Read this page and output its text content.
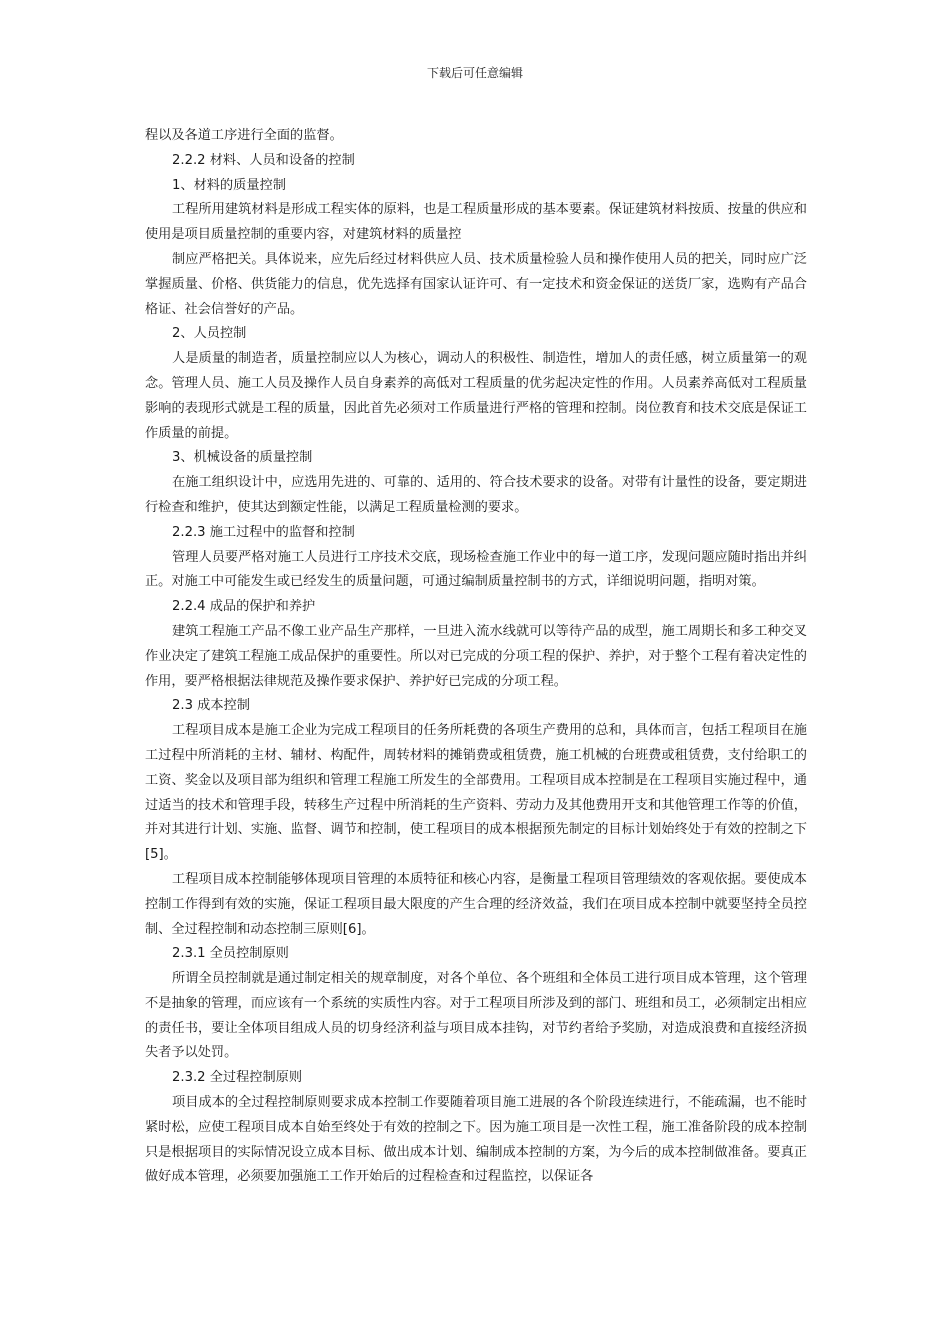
下载后可任意编辑

程以及各道工序进行全面的监督。

2.2.2 材料、人员和设备的控制

1、材料的质量控制

工程所用建筑材料是形成工程实体的原料，也是工程质量形成的基本要素。保证建筑材料按质、按量的供应和使用是项目质量控制的重要内容，对建筑材料的质量控

制应严格把关。具体说来，应先后经过材料供应人员、技术质量检验人员和操作使用人员的把关，同时应广泛掌握质量、价格、供货能力的信息，优先选择有国家认证许可、有一定技术和资金保证的送货厂家，选购有产品合格证、社会信誉好的产品。

2、人员控制

人是质量的制造者，质量控制应以人为核心，调动人的积极性、制造性，增加人的责任感，树立质量第一的观念。管理人员、施工人员及操作人员自身素养的高低对工程质量的优劣起决定性的作用。人员素养高低对工程质量影响的表现形式就是工程的质量，因此首先必须对工作质量进行严格的管理和控制。岗位教育和技术交底是保证工作质量的前提。

3、机械设备的质量控制

在施工组织设计中，应选用先进的、可靠的、适用的、符合技术要求的设备。对带有计量性的设备，要定期进行检查和维护，使其达到额定性能，以满足工程质量检测的要求。

2.2.3 施工过程中的监督和控制

管理人员要严格对施工人员进行工序技术交底，现场检查施工作业中的每一道工序，发现问题应随时指出并纠正。对施工中可能发生或已经发生的质量问题，可通过编制质量控制书的方式，详细说明问题，指明对策。

2.2.4 成品的保护和养护

建筑工程施工产品不像工业产品生产那样，一旦进入流水线就可以等待产品的成型，施工周期长和多工种交叉作业决定了建筑工程施工成品保护的重要性。所以对已完成的分项工程的保护、养护，对于整个工程有着决定性的作用，要严格根据法律规范及操作要求保护、养护好已完成的分项工程。

2.3 成本控制

工程项目成本是施工企业为完成工程项目的任务所耗费的各项生产费用的总和，具体而言，包括工程项目在施工过程中所消耗的主材、辅材、构配件，周转材料的摊销费或租赁费，施工机械的台班费或租赁费，支付给职工的工资、奖金以及项目部为组织和管理工程施工所发生的全部费用。工程项目成本控制是在工程项目实施过程中，通过适当的技术和管理手段，转移生产过程中所消耗的生产资料、劳动力及其他费用开支和其他管理工作等的价值，并对其进行计划、实施、监督、调节和控制，使工程项目的成本根据预先制定的目标计划始终处于有效的控制之下[5]。

工程项目成本控制能够体现项目管理的本质特征和核心内容，是衡量工程项目管理绩效的客观依据。要使成本控制工作得到有效的实施，保证工程项目最大限度的产生合理的经济效益，我们在项目成本控制中就要坚持全员控制、全过程控制和动态控制三原则[6]。

2.3.1 全员控制原则

所谓全员控制就是通过制定相关的规章制度，对各个单位、各个班组和全体员工进行项目成本管理，这个管理不是抽象的管理，而应该有一个系统的实质性内容。对于工程项目所涉及到的部门、班组和员工，必须制定出相应的责任书，要让全体项目组成人员的切身经济利益与项目成本挂钩，对节约者给予奖励，对造成浪费和直接经济损失者予以处罚。

2.3.2 全过程控制原则

项目成本的全过程控制原则要求成本控制工作要随着项目施工进展的各个阶段连续进行，不能疏漏，也不能时紧时松，应使工程项目成本自始至终处于有效的控制之下。因为施工项目是一次性工程，施工准备阶段的成本控制只是根据项目的实际情况设立成本目标、做出成本计划、编制成本控制的方案，为今后的成本控制做准备。要真正做好成本管理，必须要加强施工工作开始后的过程检查和过程监控，以保证各
